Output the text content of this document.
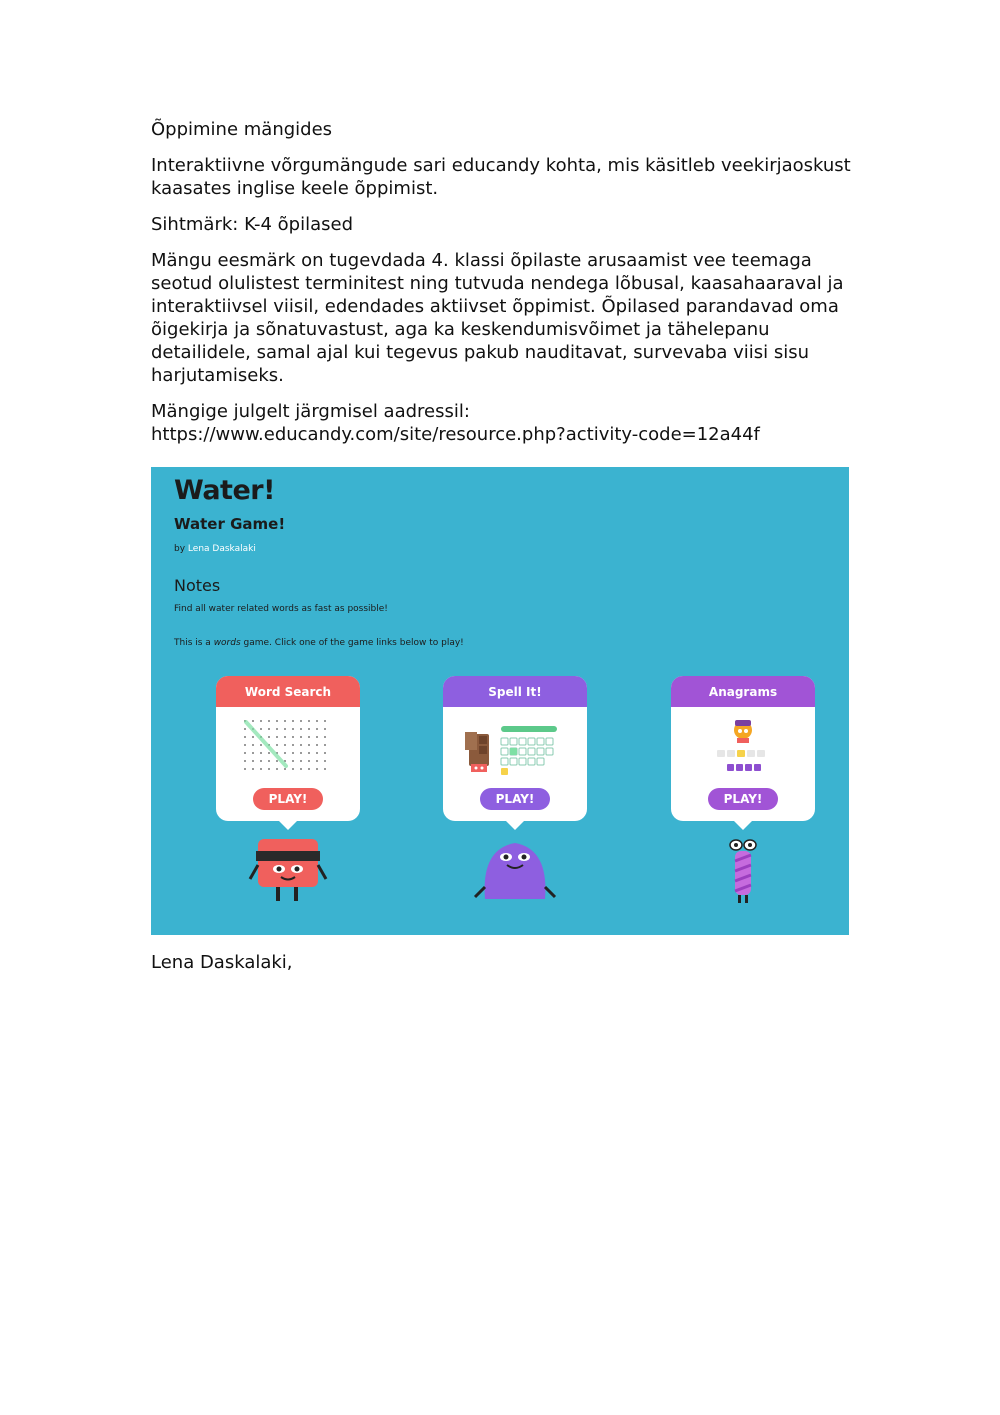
Õppimine mängides

Interaktiivne võrgumängude sari educandy kohta, mis käsitleb veekirjaoskust kaasates inglise keele õppimist.

Sihtmärk: K-4 õpilased

Mängu eesmärk on tugevdada 4. klassi õpilaste arusaamist vee teemaga seotud olulistest terminitest ning tutvuda nendega lõbusal, kaasahaaraval ja interaktiivsel viisil, edendades aktiivset õppimist. Õpilased parandavad oma õigekirja ja sõnatuvastust, aga ka keskendumisvõimet ja tähelepanu detailidele, samal ajal kui tegevus pakub nauditavat, survevaba viisi sisu harjutamiseks.

Mängige julgelt järgmisel aadressil:

https://www.educandy.com/site/resource.php?activity-code=12a44f

Water!
Water Game!
by Lena Daskalaki
Notes
Find all water related words as fast as possible!
This is a words game. Click one of the game links below to play!
Word Search
PLAY!
Spell It!
PLAY!
Anagrams
PLAY!
Lena Daskalaki,
